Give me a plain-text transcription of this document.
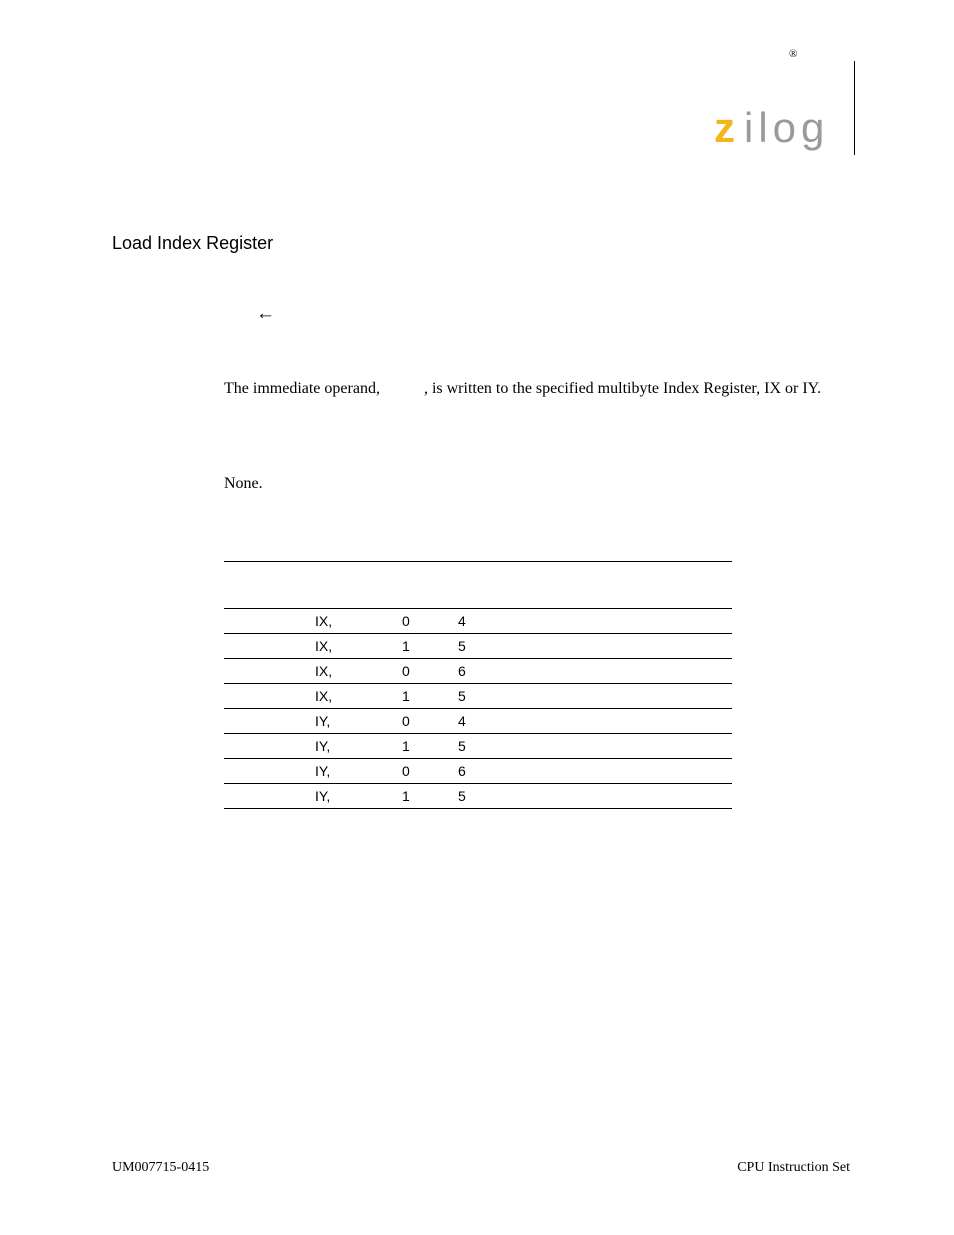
®
z ilog
Load Index Register
←
The immediate operand,	, is written to the specified multibyte Index Register, IX or IY.
None.
IX,	0	4
IX,	1	5
IX,	0	6
IX,	1	5
IY,	0	4
IY,	1	5
IY,	0	6
IY,	1	5
UM007715-0415	CPU Instruction Set
